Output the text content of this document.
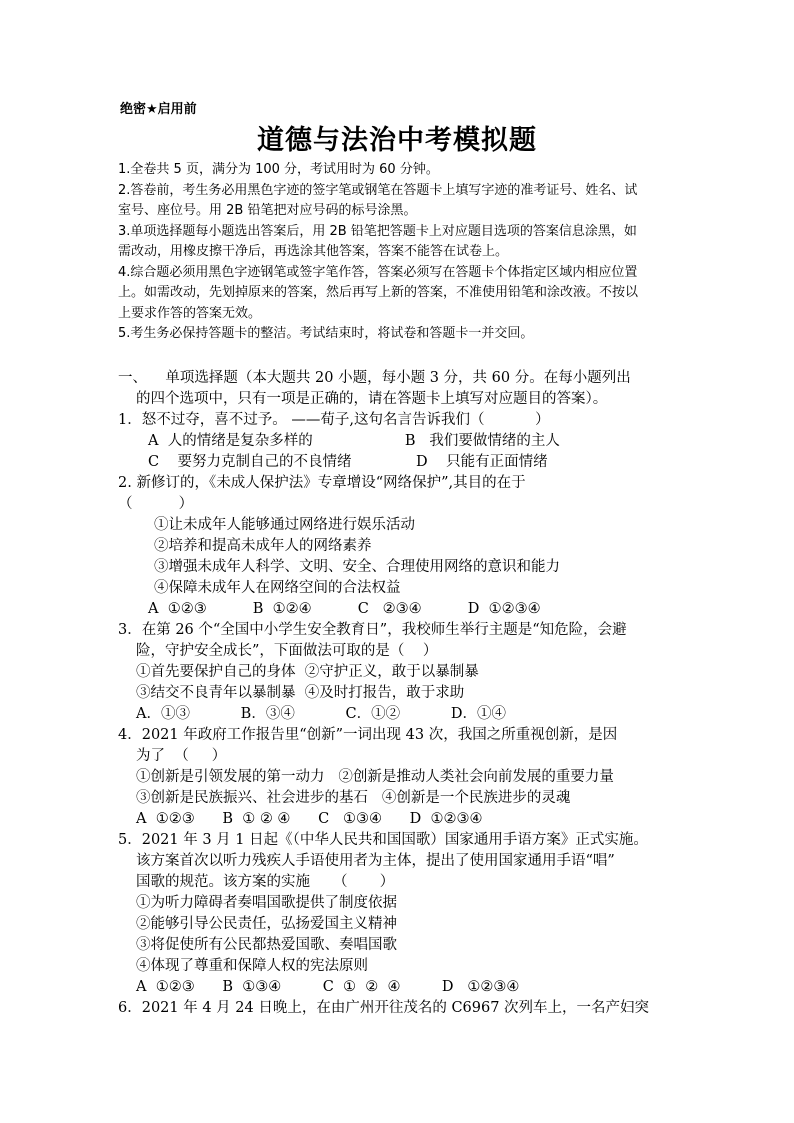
绝密★启用前
道德与法治中考模拟题

1.全卷共 5 页，满分为 100 分，考试用时为 60 分钟。

2.答卷前，考生务必用黑色字迹的签字笔或钢笔在答题卡上填写字迹的准考证号、姓名、试
室号、座位号。用 2B 铅笔把对应号码的标号涂黑。

3.单项选择题每小题选出答案后，用 2B 铅笔把答题卡上对应题目选项的答案信息涂黑，如
需改动，用橡皮擦干净后，再选涂其他答案，答案不能答在试卷上。

4.综合题必须用黑色字迹钢笔或签字笔作答，答案必须写在答题卡个体指定区域内相应位置
上。如需改动，先划掉原来的答案，然后再写上新的答案，不准使用铅笔和涂改液。不按以
上要求作答的答案无效。

5.考生务必保持答题卡的整洁。考试结束时，将试卷和答题卡一并交回。

一、    单项选择题（本大题共 20 小题，每小题 3 分，共 60 分。在每小题列出

的四个选项中，只有一项是正确的，请在答题卡上填写对应题目的答案）。

1．怒不过夺，喜不过予。 ——荀子,这句名言告诉我们（           ）

A  人的情绪是复杂多样的                    B   我们要做情绪的主人

C    要努力克制自己的不良情绪              D    只能有正面情绪

2. 新修订的，《未成人保护法》专章增设“网络保护”,其目的在于

（          ）

①让未成年人能够通过网络进行娱乐活动

②培养和提高未成年人的网络素养

③增强未成年人科学、文明、安全、合理使用网络的意识和能力

④保障未成年人在网络空间的合法权益

A  ①②③          B  ①②④          C   ②③④          D  ①②③④

3．在第 26 个“全国中小学生安全教育日”，我校师生举行主题是“知危险，会避

险，守护安全成长”，下面做法可取的是（    ）

①首先要保护自己的身体  ②守护正义，敢于以暴制暴

③结交不良青年以暴制暴  ④及时打报告，敢于求助

A．①③           B．③④           C．①②           D．①④

4．2021 年政府工作报告里“创新”一词出现 43 次，我国之所重视创新，是因

为了  （     ）

①创新是引领发展的第一动力   ②创新是推动人类社会向前发展的重要力量

③创新是民族振兴、社会进步的基石   ④创新是一个民族进步的灵魂

A  ①②③      B  ① ② ④      C   ①③④      D  ①②③④

5．2021 年 3 月 1 日起《（中华人民共和国国歌）国家通用手语方案》正式实施。

该方案首次以听力残疾人手语使用者为主体，提出了使用国家通用手语“唱”

国歌的规范。该方案的实施     （       ）

①为听力障碍者奏唱国歌提供了制度依据

②能够引导公民责任，弘扬爱国主义精神

③将促使所有公民都热爱国歌、奏唱国歌

④体现了尊重和保障人权的宪法原则

A  ①②③      B  ①③④         C  ①  ②  ④         D   ①②③④

6．2021 年 4 月 24 日晚上，在由广州开往茂名的 C6967 次列车上，一名产妇突
